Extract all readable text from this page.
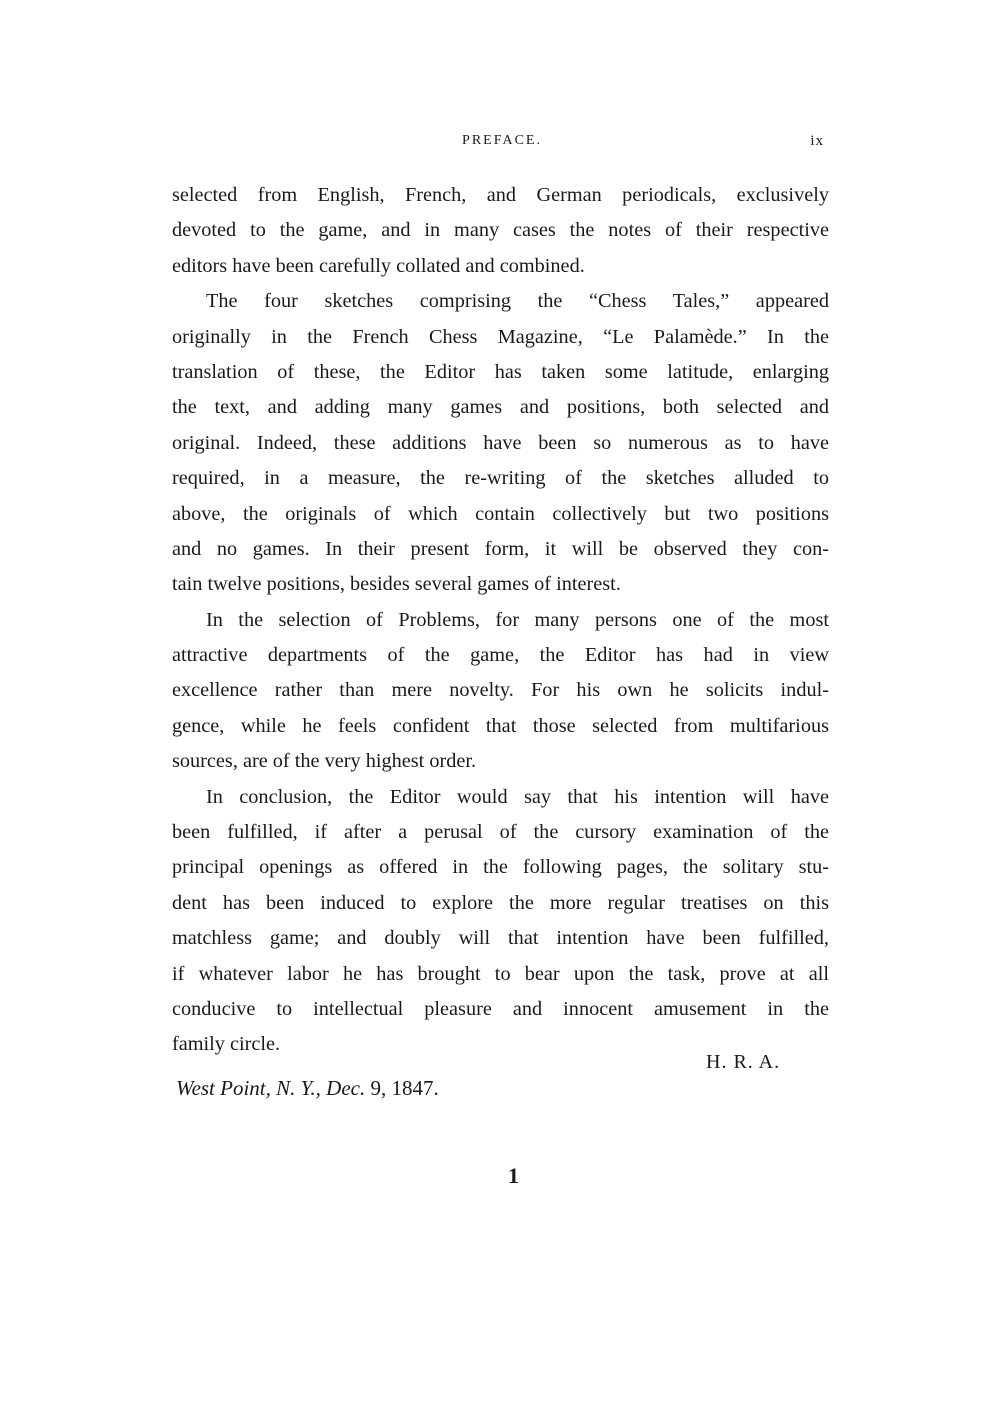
PREFACE.	ix
selected from English, French, and German periodicals, exclusively
devoted to the game, and in many cases the notes of their respective
editors have been carefully collated and combined.
The four sketches comprising the “Chess Tales,” appeared
originally in the French Chess Magazine, “Le Palamède.” In the
translation of these, the Editor has taken some latitude, enlarging
the text, and adding many games and positions, both selected and
original. Indeed, these additions have been so numerous as to have
required, in a measure, the re-writing of the sketches alluded to
above, the originals of which contain collectively but two positions
and no games. In their present form, it will be observed they con-
tain twelve positions, besides several games of interest.
In the selection of Problems, for many persons one of the most
attractive departments of the game, the Editor has had in view
excellence rather than mere novelty. For his own he solicits indul-
gence, while he feels confident that those selected from multifarious
sources, are of the very highest order.
In conclusion, the Editor would say that his intention will have
been fulfilled, if after a perusal of the cursory examination of the
principal openings as offered in the following pages, the solitary stu-
dent has been induced to explore the more regular treatises on this
matchless game; and doubly will that intention have been fulfilled,
if whatever labor he has brought to bear upon the task, prove at all
conducive to intellectual pleasure and innocent amusement in the
family circle.
H. R. A.
West Point, N. Y., Dec. 9, 1847.
1
